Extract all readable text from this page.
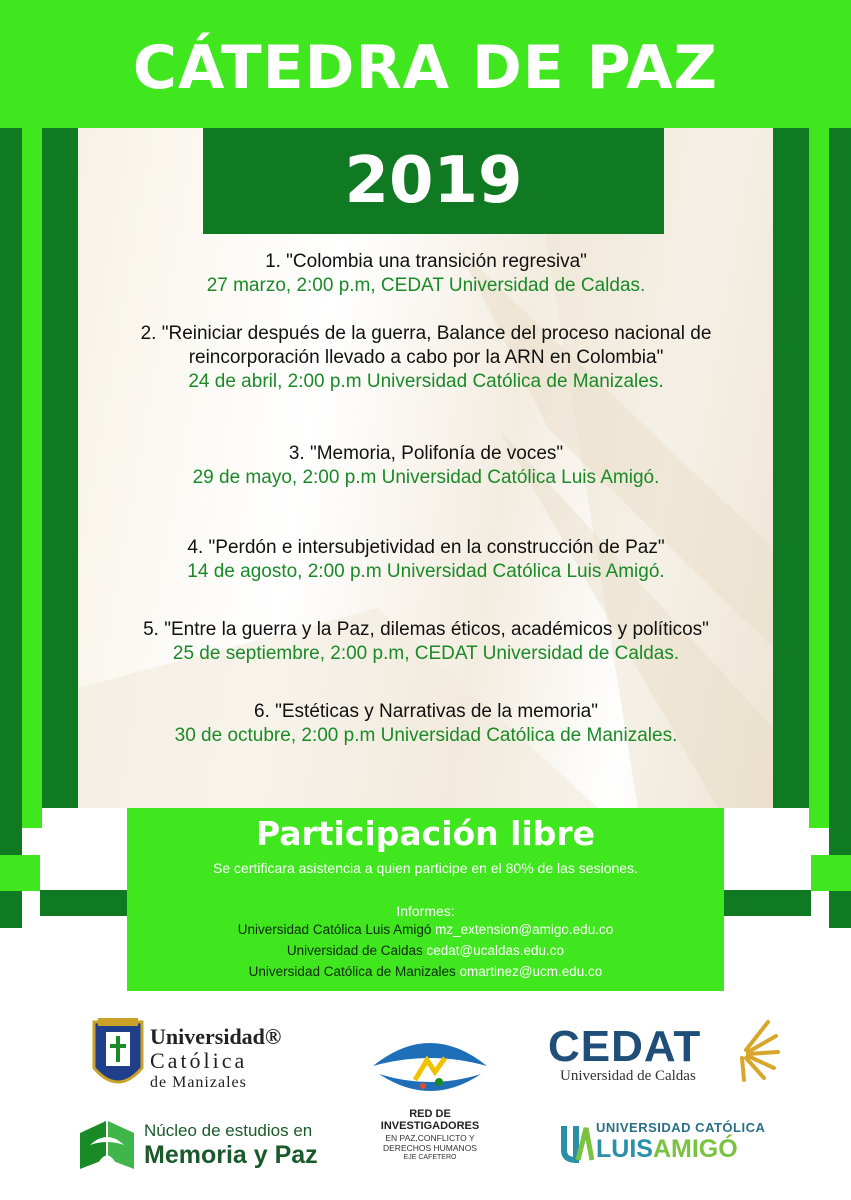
CÁTEDRA DE PAZ
2019
1. "Colombia una transición regresiva"
27 marzo, 2:00 p.m, CEDAT Universidad de Caldas.
2. "Reiniciar después de la guerra, Balance del proceso nacional de reincorporación llevado a cabo por la ARN en Colombia"
24 de abril, 2:00 p.m Universidad Católica de Manizales.
3. "Memoria, Polifonía de voces"
29 de mayo, 2:00 p.m Universidad Católica Luis Amigó.
4. "Perdón e intersubjetividad en la construcción de Paz"
14 de agosto, 2:00 p.m Universidad Católica Luis Amigó.
5. "Entre la guerra y la Paz, dilemas éticos, académicos y políticos"
25 de septiembre, 2:00 p.m, CEDAT Universidad de Caldas.
6. "Estéticas y Narrativas de la memoria"
30 de octubre, 2:00 p.m Universidad Católica de Manizales.
Participación libre
Se certificara asistencia a quien participe en el 80% de las sesiones.
Informes:
Universidad Católica Luis Amigó mz_extension@amigo.edu.co
Universidad de Caldas cedat@ucaldas.edu.co
Universidad Católica de Manizales omartinez@ucm.edu.co
Universidad®
Católica
de Manizales
RED DE
INVESTIGADORES
EN PAZ,CONFLICTO Y
DERECHOS HUMANOS
EJE CAFETERO
CEDAT
Universidad de Caldas
Núcleo de estudios en
Memoria y Paz
UNIVERSIDAD CATÓLICA
LUISAMIGÓ
